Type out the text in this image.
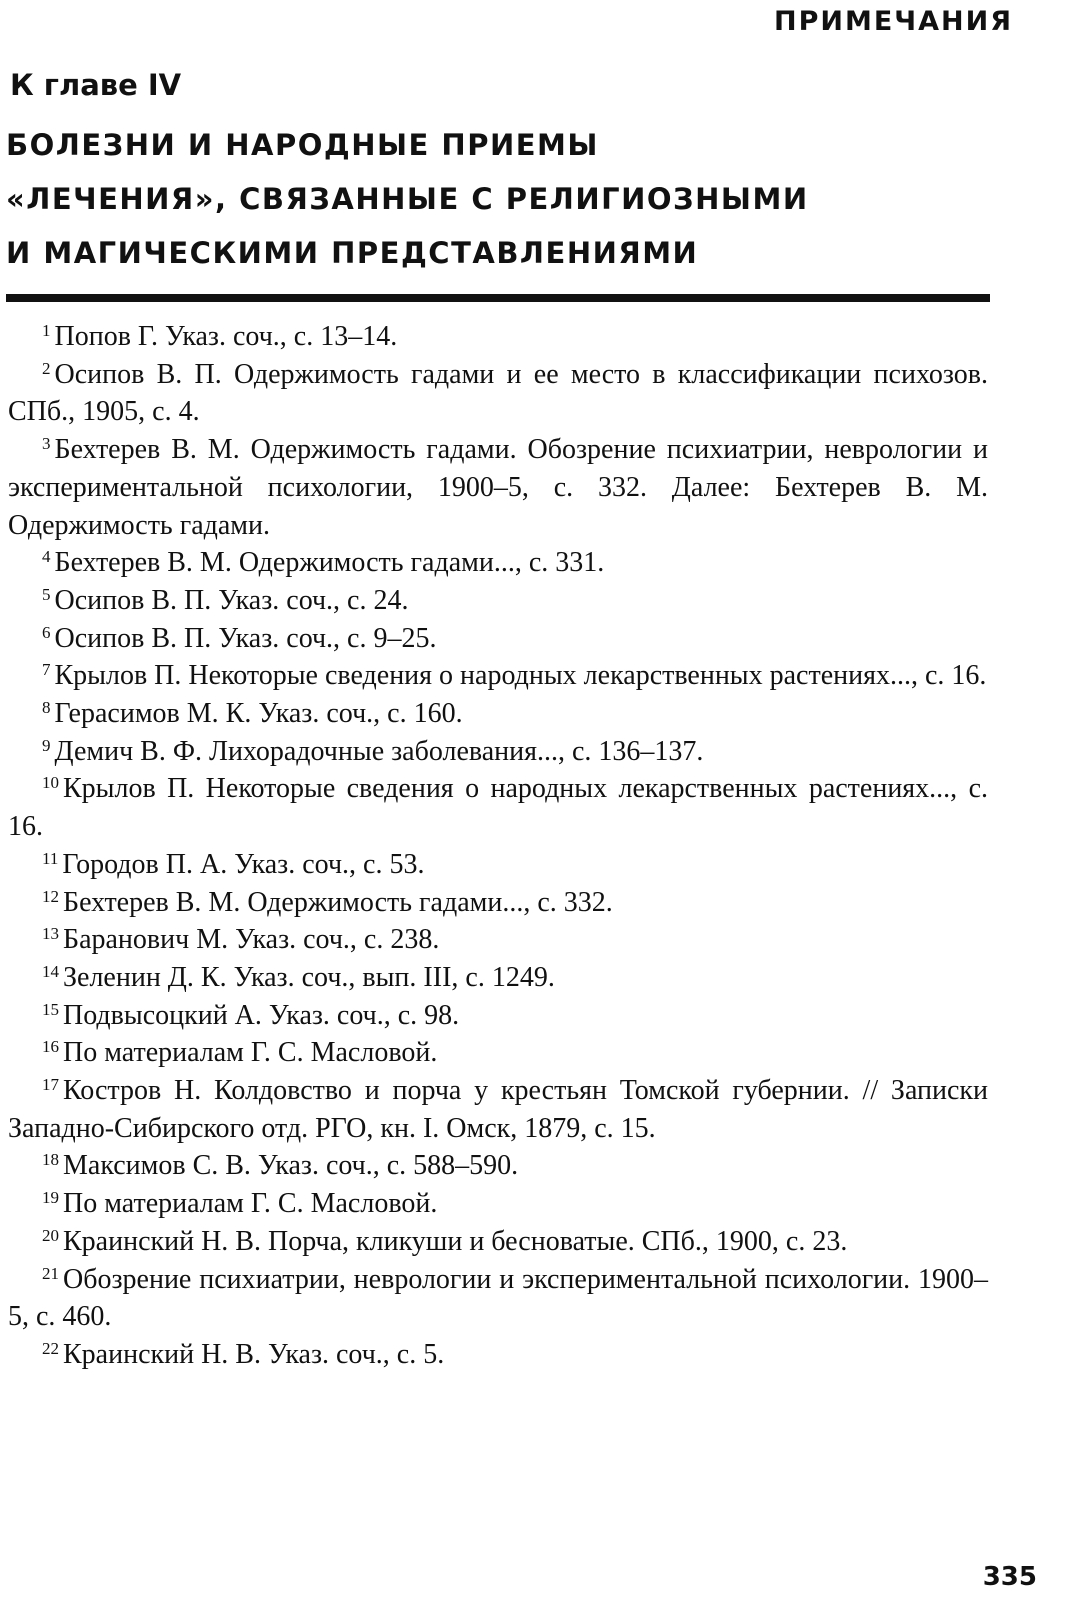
ПРИМЕЧАНИЯ
К главе IV
БОЛЕЗНИ И НАРОДНЫЕ ПРИЕМЫ
«ЛЕЧЕНИЯ», СВЯЗАННЫЕ С РЕЛИГИОЗНЫМИ
И МАГИЧЕСКИМИ ПРЕДСТАВЛЕНИЯМИ

$^1$ Попов Г. Указ. соч., с. 13–14.

$^2$ Осипов В. П. Одержимость гадами и ее место в классификации психозов. СПб., 1905, с. 4.

$^3$ Бехтерев В. М. Одержимость гадами. Обозрение психиатрии, неврологии и экспериментальной психологии, 1900–5, с. 332. Далее: Бехтерев В. М. Одержимость гадами.

$^4$ Бехтерев В. М. Одержимость гадами..., с. 331.

$^5$ Осипов В. П. Указ. соч., с. 24.

$^6$ Осипов В. П. Указ. соч., с. 9–25.

$^7$ Крылов П. Некоторые сведения о народных лекарственных растениях..., с. 16.

$^8$ Герасимов М. К. Указ. соч., с. 160.

$^9$ Демич В. Ф. Лихорадочные заболевания..., с. 136–137.

$^{10}$ Крылов П. Некоторые сведения о народных лекарственных растениях..., с. 16.

$^{11}$ Городов П. А. Указ. соч., с. 53.

$^{12}$ Бехтерев В. М. Одержимость гадами..., с. 332.

$^{13}$ Баранович М. Указ. соч., с. 238.

$^{14}$ Зеленин Д. К. Указ. соч., вып. III, с. 1249.

$^{15}$ Подвысоцкий А. Указ. соч., с. 98.

$^{16}$ По материалам Г. С. Масловой.

$^{17}$ Костров Н. Колдовство и порча у крестьян Томской губернии. // Записки Западно-Сибирского отд. РГО, кн. I. Омск, 1879, с. 15.

$^{18}$ Максимов С. В. Указ. соч., с. 588–590.

$^{19}$ По материалам Г. С. Масловой.

$^{20}$ Краинский Н. В. Порча, кликуши и бесноватые. СПб., 1900, с. 23.

$^{21}$ Обозрение психиатрии, неврологии и экспериментальной психологии. 1900–5, с. 460.

$^{22}$ Краинский Н. В. Указ. соч., с. 5.

335
